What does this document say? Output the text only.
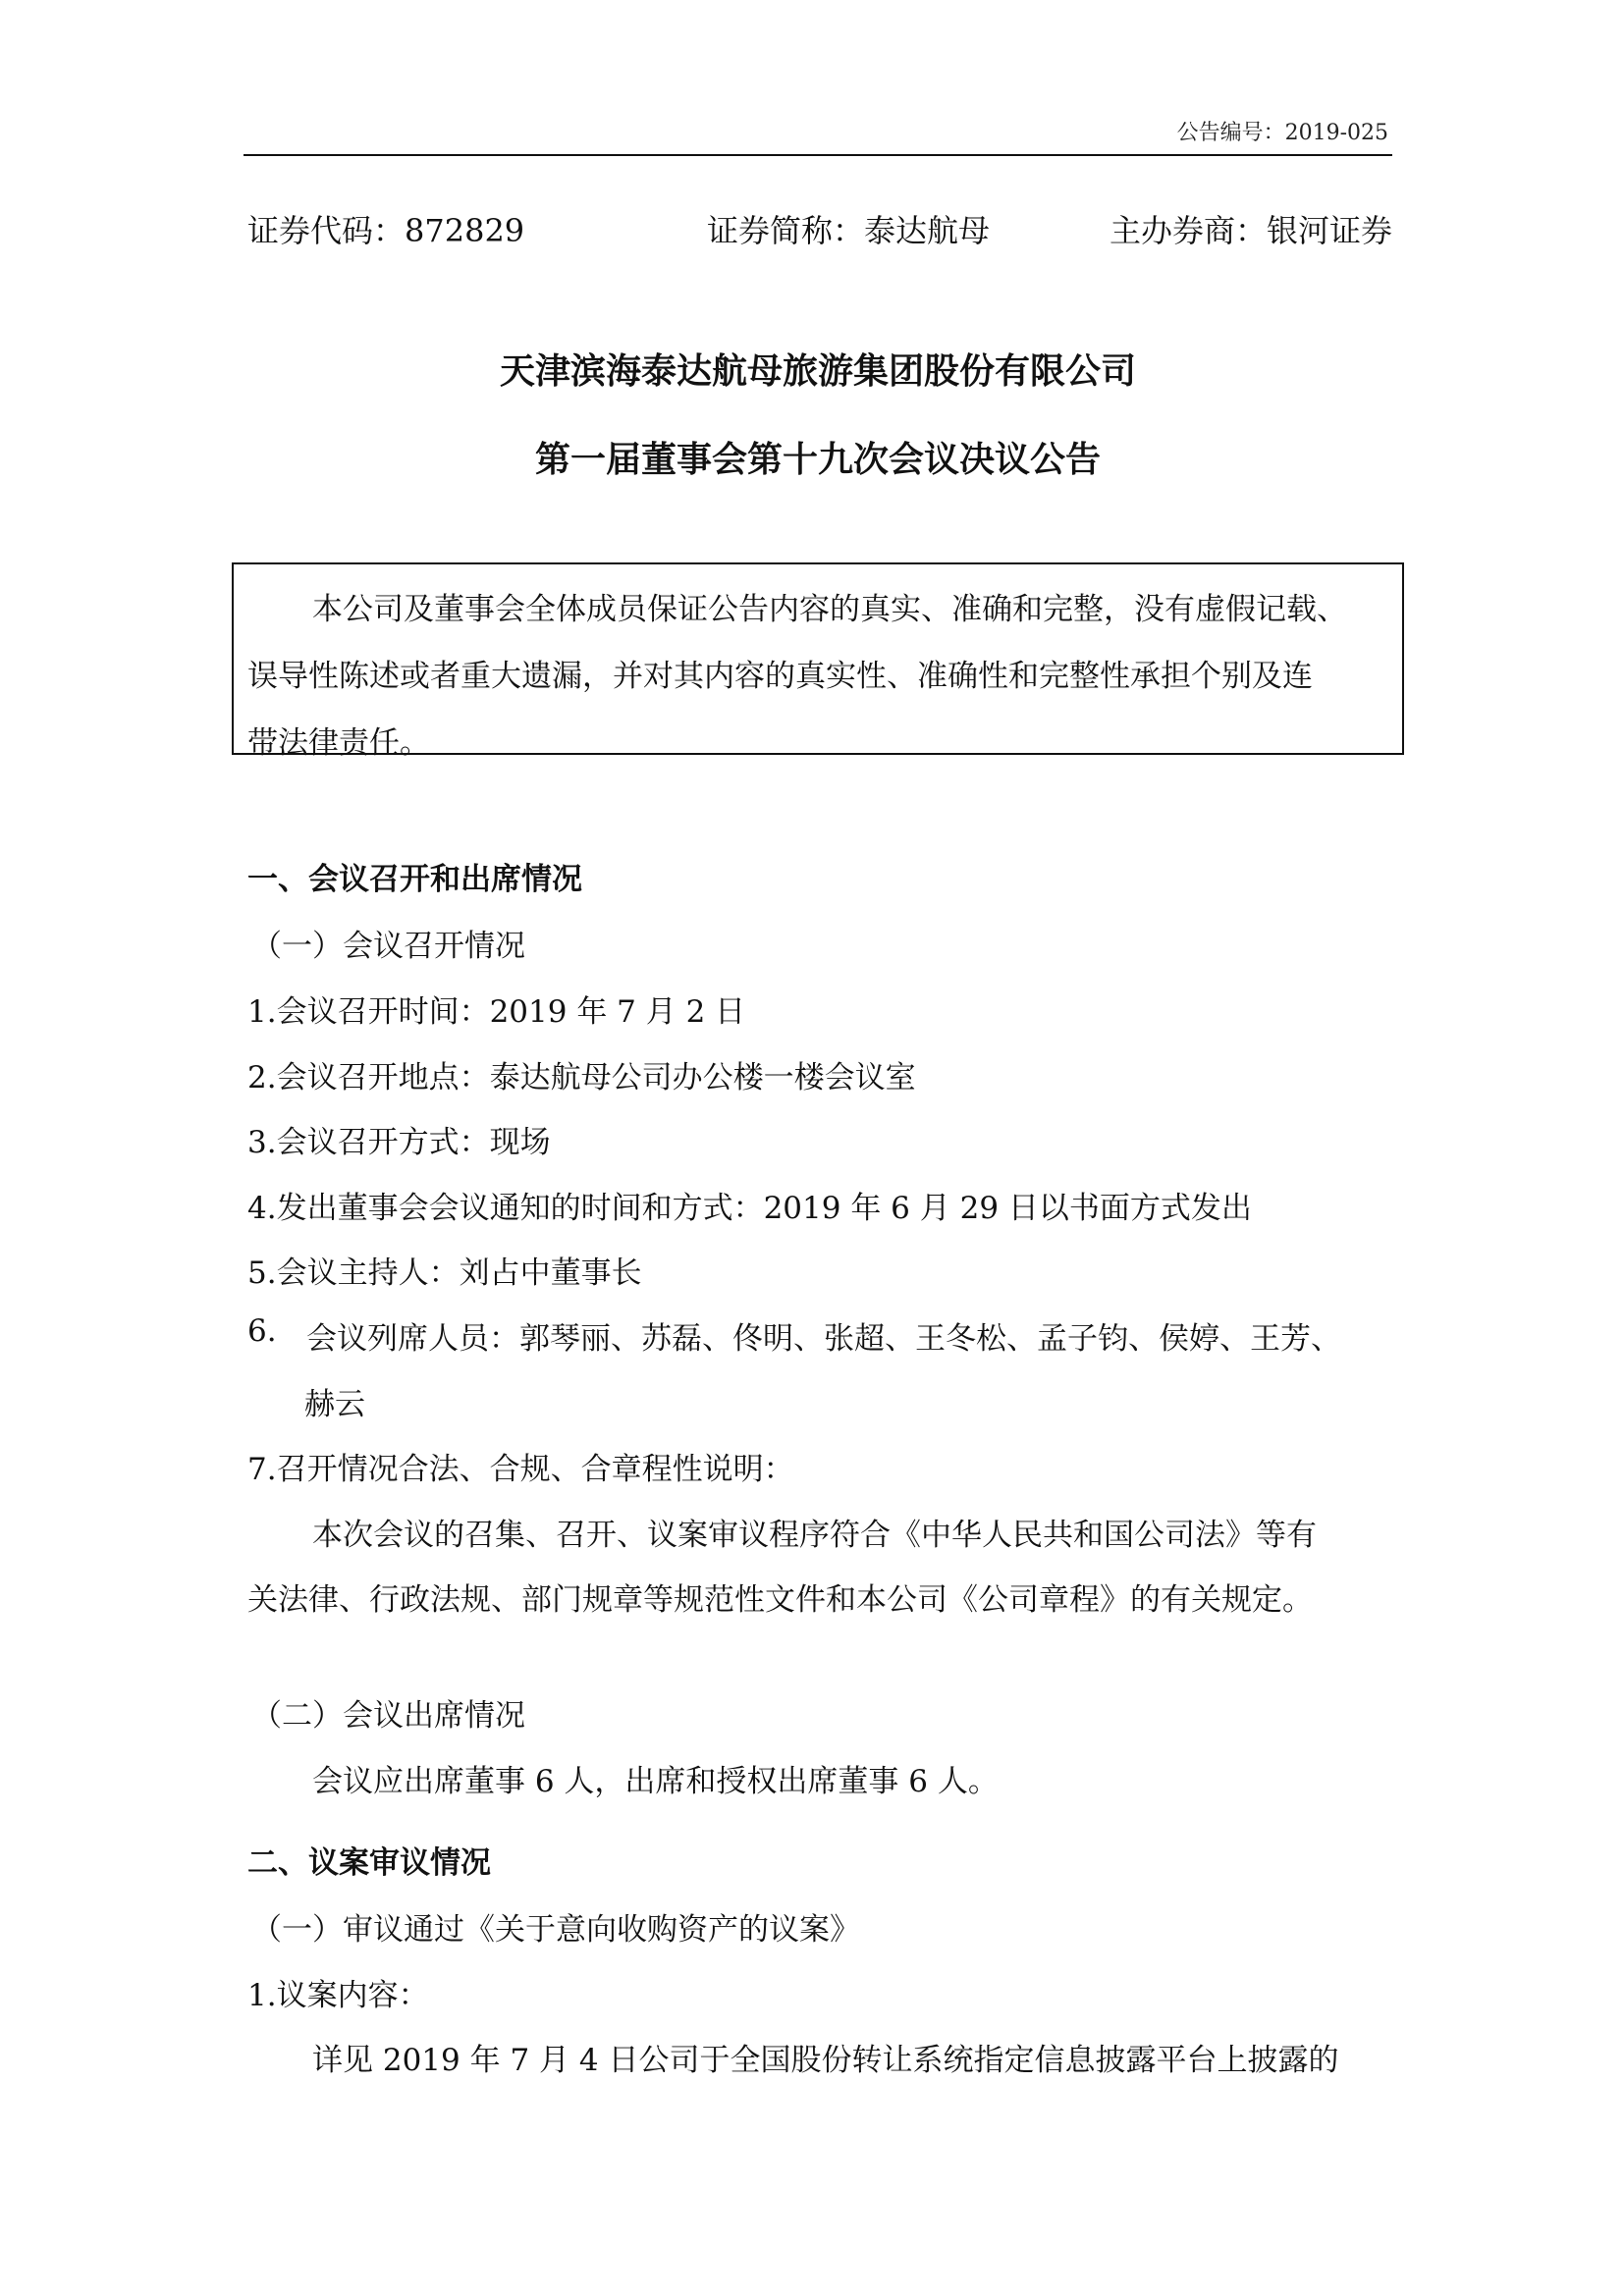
公告编号：2019-025
证券代码：872829	证券简称：泰达航母	主办券商：银河证券
天津滨海泰达航母旅游集团股份有限公司
第一届董事会第十九次会议决议公告

本公司及董事会全体成员保证公告内容的真实、准确和完整，没有虚假记载、

误导性陈述或者重大遗漏，并对其内容的真实性、准确性和完整性承担个别及连

带法律责任。

一、会议召开和出席情况
（一）会议召开情况
1.会议召开时间：2019 年 7 月 2 日
2.会议召开地点：泰达航母公司办公楼一楼会议室
3.会议召开方式：现场
4.发出董事会会议通知的时间和方式：2019 年 6 月 29 日以书面方式发出
5.会议主持人：刘占中董事长
6. 会议列席人员：郭琴丽、苏磊、佟明、张超、王冬松、孟子钧、侯婷、王芳、
赫云
7.召开情况合法、合规、合章程性说明：
本次会议的召集、召开、议案审议程序符合《中华人民共和国公司法》等有
关法律、行政法规、部门规章等规范性文件和本公司《公司章程》的有关规定。
（二）会议出席情况
会议应出席董事 6 人，出席和授权出席董事 6 人。
二、议案审议情况
（一）审议通过《关于意向收购资产的议案》
1.议案内容：
详见 2019 年 7 月 4 日公司于全国股份转让系统指定信息披露平台上披露的
